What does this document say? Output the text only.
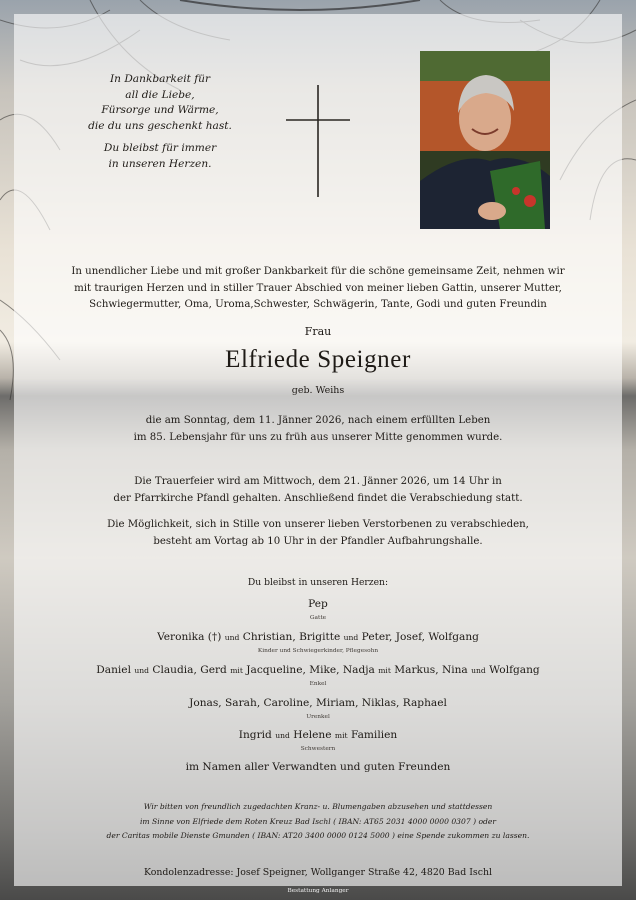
In Dankbarkeit für
all die Liebe,
Fürsorge und Wärme,
die du uns geschenkt hast.

Du bleibst für immer
in unseren Herzen.

In unendlicher Liebe und mit großer Dankbarkeit für die schöne gemeinsame Zeit, nehmen wir
mit traurigen Herzen und in stiller Trauer Abschied von meiner lieben Gattin, unserer Mutter,
Schwiegermutter, Oma, Uroma,Schwester, Schwägerin, Tante, Godi und guten Freundin
Frau
Elfriede Speigner
geb. Weihs
die am Sonntag, dem 11. Jänner 2026, nach einem erfüllten Leben
im 85. Lebensjahr für uns zu früh aus unserer Mitte genommen wurde.
Die Trauerfeier wird am Mittwoch, dem 21. Jänner 2026, um 14 Uhr in
der Pfarrkirche Pfandl gehalten. Anschließend findet die Verabschiedung statt.
Die Möglichkeit, sich in Stille von unserer lieben Verstorbenen zu verabschieden,
besteht am Vortag ab 10 Uhr in der Pfandler Aufbahrungshalle.
Du bleibst in unseren Herzen:
Pep
Gatte
Veronika (†) und Christian, Brigitte und Peter, Josef, Wolfgang
Kinder und Schwiegerkinder, Pflegesohn
Daniel und Claudia, Gerd mit Jacqueline, Mike, Nadja mit Markus, Nina und Wolfgang
Enkel
Jonas, Sarah, Caroline, Miriam, Niklas, Raphael
Urenkel
Ingrid und Helene mit Familien
Schwestern
im Namen aller Verwandten und guten Freunden
Wir bitten von freundlich zugedachten Kranz- u. Blumengaben abzusehen und stattdessen
im Sinne von Elfriede dem Roten Kreuz Bad Ischl ( IBAN: AT65 2031 4000 0000 0307 ) oder
der Caritas mobile Dienste Gmunden ( IBAN: AT20 3400 0000 0124 5000 ) eine Spende zukommen zu lassen.
Kondolenzadresse: Josef Speigner, Wollganger Straße 42, 4820 Bad Ischl
Bestattung Anlanger
